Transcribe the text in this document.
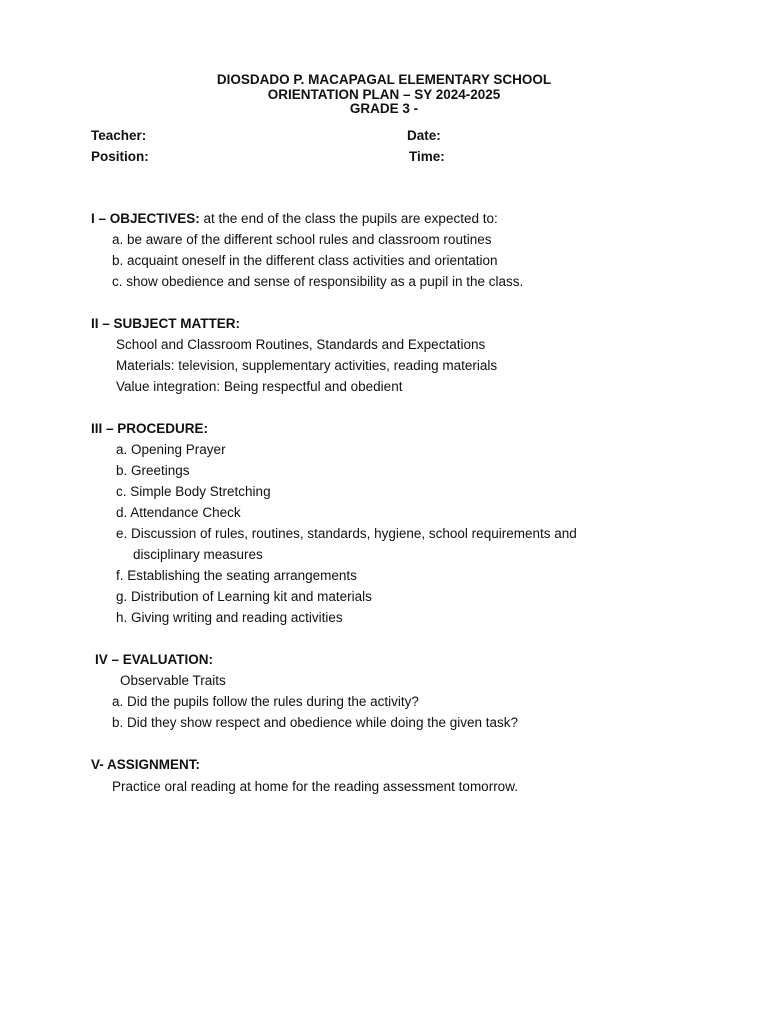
DIOSDADO P. MACAPAGAL ELEMENTARY SCHOOL
ORIENTATION PLAN – SY 2024-2025
GRADE 3 -
Teacher:	Date:
Position:	Time:
I – OBJECTIVES: at the end of the class the pupils are expected to:
a. be aware of the different school rules and classroom routines
b. acquaint oneself in the different class activities and orientation
c. show obedience and sense of responsibility as a pupil in the class.
II – SUBJECT MATTER:
School and Classroom Routines, Standards and Expectations
Materials: television, supplementary activities, reading materials
Value integration: Being respectful and obedient
III – PROCEDURE:
a. Opening Prayer
b. Greetings
c. Simple Body Stretching
d. Attendance Check
e. Discussion of rules, routines, standards, hygiene, school requirements and
disciplinary measures
f. Establishing the seating arrangements
g. Distribution of Learning kit and materials
h. Giving writing and reading activities
IV – EVALUATION:
Observable Traits
a. Did the pupils follow the rules during the activity?
b. Did they show respect and obedience while doing the given task?
V- ASSIGNMENT:
Practice oral reading at home for the reading assessment tomorrow.
